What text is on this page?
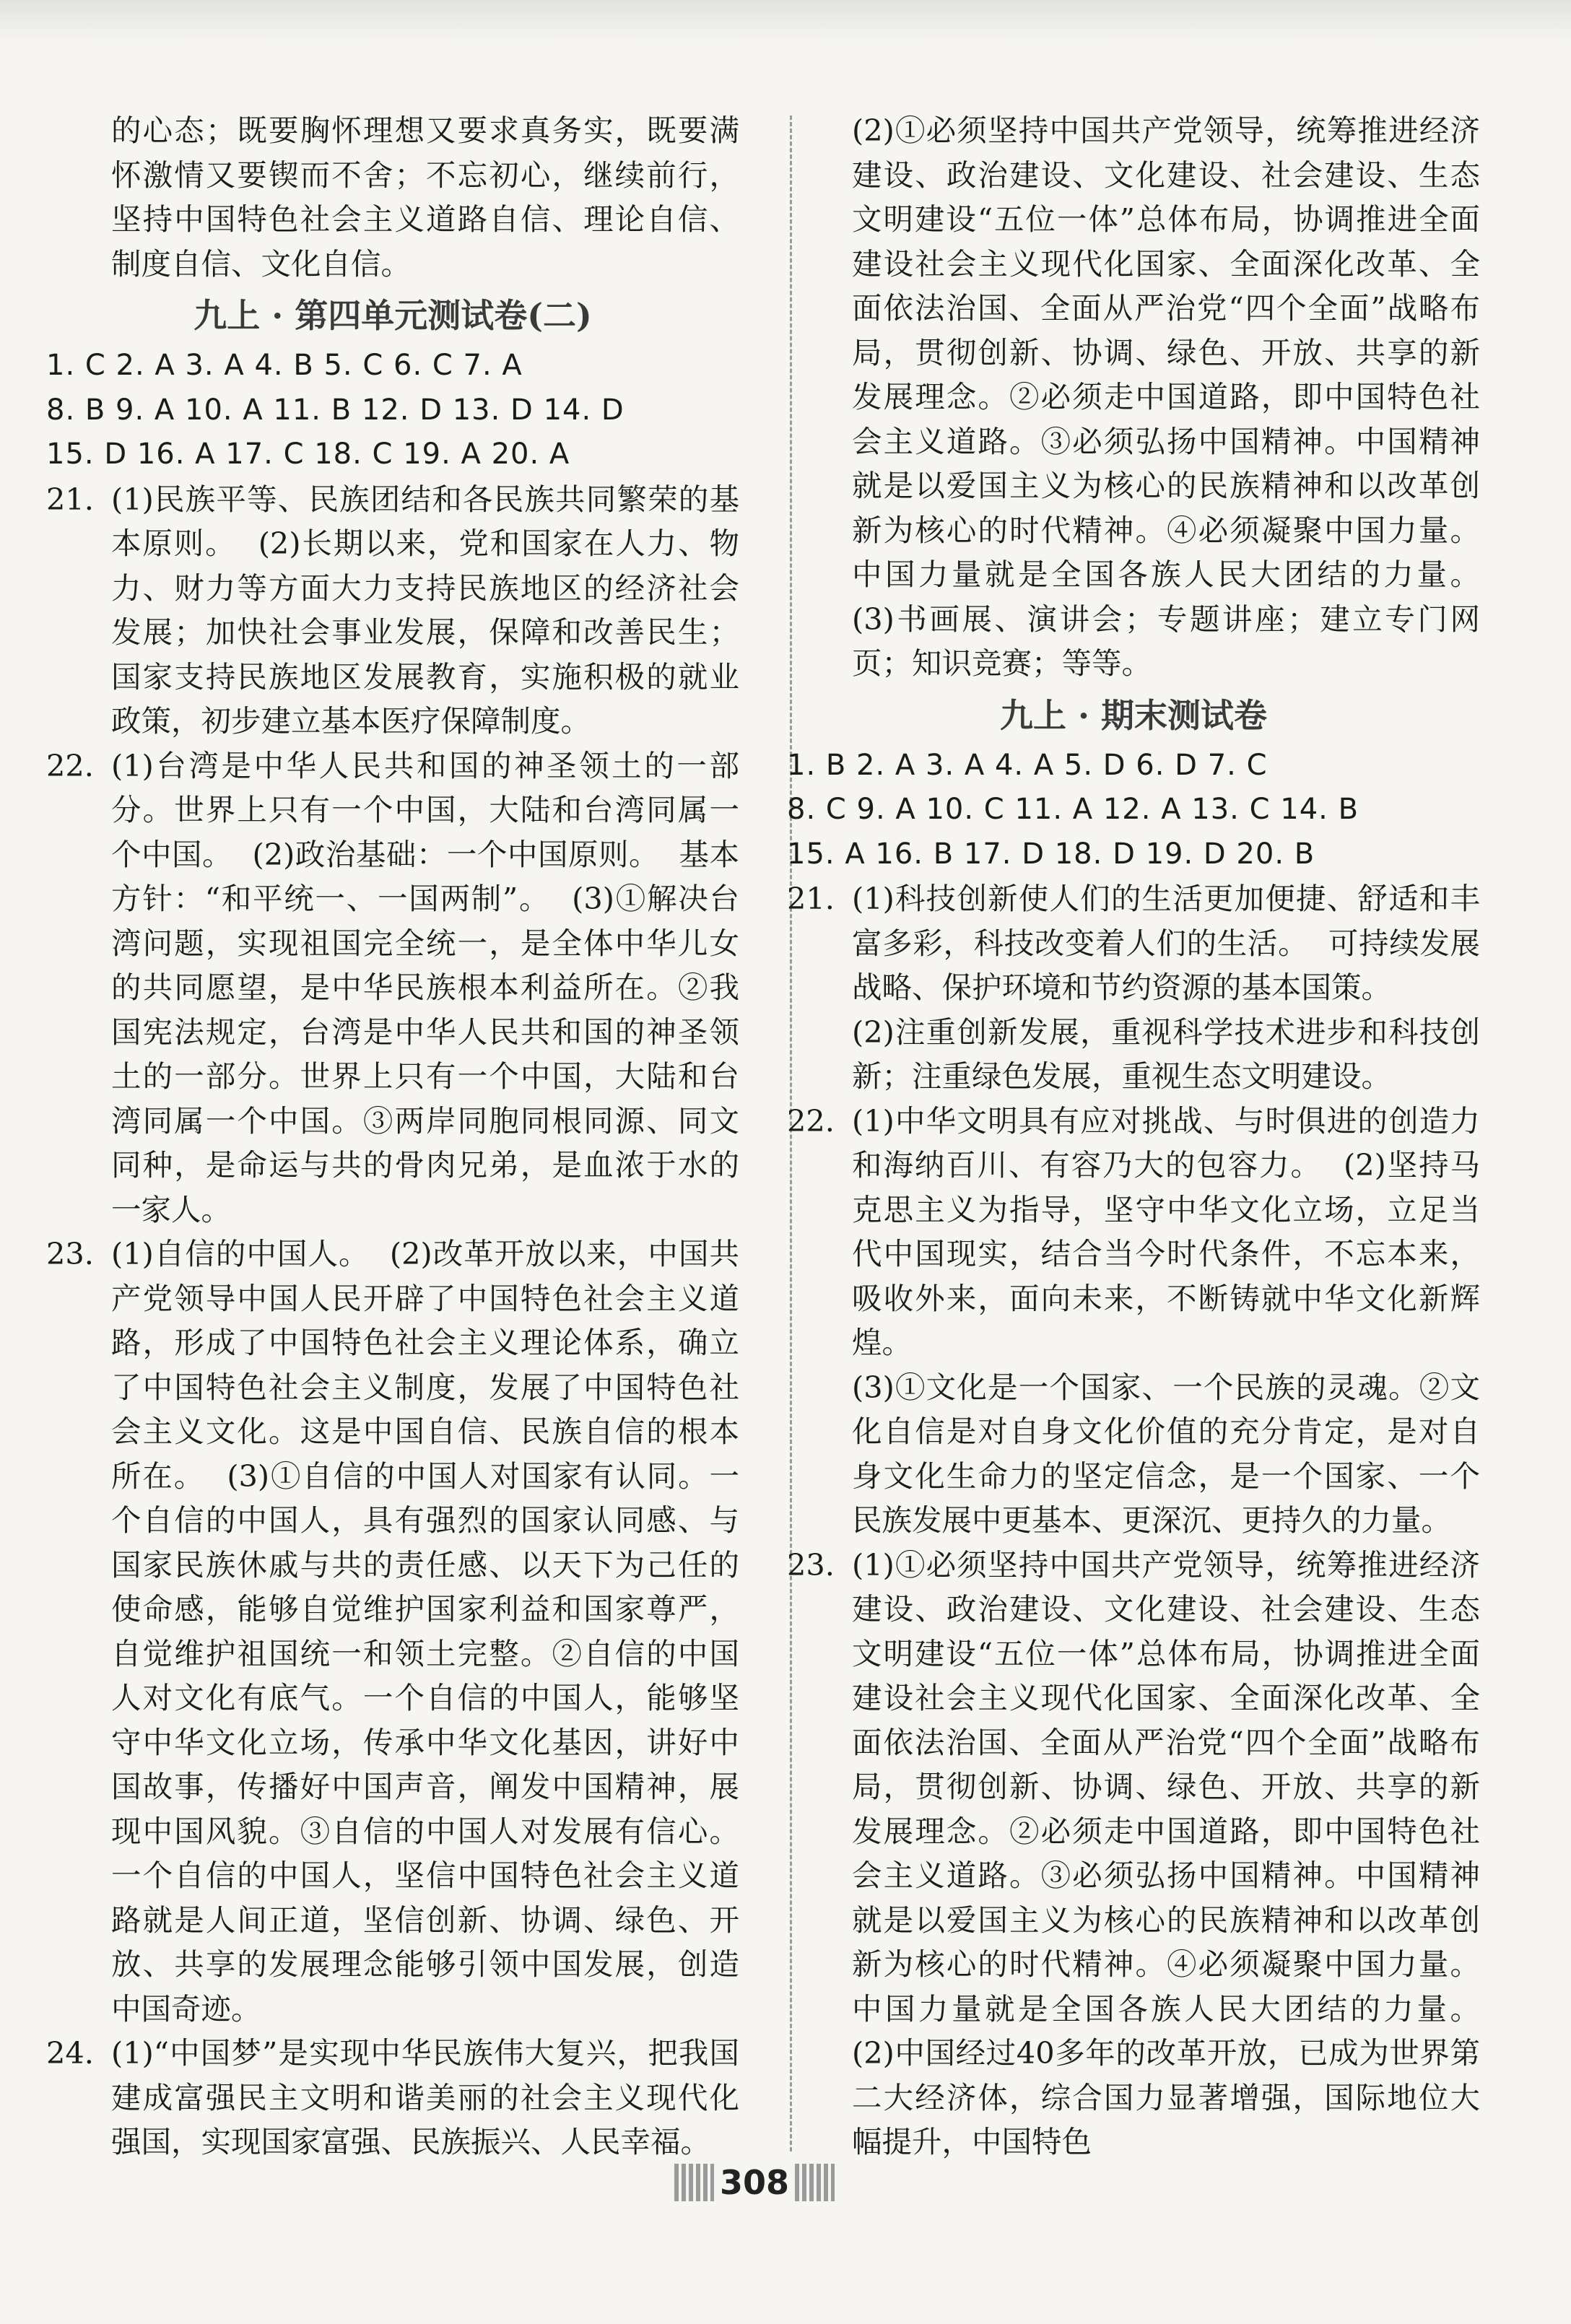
的心态；既要胸怀理想又要求真务实，既要满怀激情又要锲而不舍；不忘初心，继续前行，坚持中国特色社会主义道路自信、理论自信、制度自信、文化自信。

九上 · 第四单元测试卷(二)

1. C 2. A 3. A 4. B 5. C 6. C 7. A

8. B 9. A 10. A 11. B 12. D 13. D 14. D

15. D 16. A 17. C 18. C 19. A 20. A

21. (1)民族平等、民族团结和各民族共同繁荣的基本原则。  (2)长期以来，党和国家在人力、物力、财力等方面大力支持民族地区的经济社会发展；加快社会事业发展，保障和改善民生；国家支持民族地区发展教育，实施积极的就业政策，初步建立基本医疗保障制度。
22. (1)台湾是中华人民共和国的神圣领土的一部分。世界上只有一个中国，大陆和台湾同属一个中国。  (2)政治基础：一个中国原则。  基本方针：“和平统一、一国两制”。  (3)①解决台湾问题，实现祖国完全统一，是全体中华儿女的共同愿望，是中华民族根本利益所在。②我国宪法规定，台湾是中华人民共和国的神圣领土的一部分。世界上只有一个中国，大陆和台湾同属一个中国。③两岸同胞同根同源、同文同种，是命运与共的骨肉兄弟，是血浓于水的一家人。
23. (1)自信的中国人。  (2)改革开放以来，中国共产党领导中国人民开辟了中国特色社会主义道路，形成了中国特色社会主义理论体系，确立了中国特色社会主义制度，发展了中国特色社会主义文化。这是中国自信、民族自信的根本所在。  (3)①自信的中国人对国家有认同。一个自信的中国人，具有强烈的国家认同感、与国家民族休戚与共的责任感、以天下为己任的使命感，能够自觉维护国家利益和国家尊严，自觉维护祖国统一和领土完整。②自信的中国人对文化有底气。一个自信的中国人，能够坚守中华文化立场，传承中华文化基因，讲好中国故事，传播好中国声音，阐发中国精神，展现中国风貌。③自信的中国人对发展有信心。一个自信的中国人，坚信中国特色社会主义道路就是人间正道，坚信创新、协调、绿色、开放、共享的发展理念能够引领中国发展，创造中国奇迹。
24. (1)“中国梦”是实现中华民族伟大复兴，把我国建成富强民主文明和谐美丽的社会主义现代化强国，实现国家富强、民族振兴、人民幸福。

(2)①必须坚持中国共产党领导，统筹推进经济建设、政治建设、文化建设、社会建设、生态文明建设“五位一体”总体布局，协调推进全面建设社会主义现代化国家、全面深化改革、全面依法治国、全面从严治党“四个全面”战略布局，贯彻创新、协调、绿色、开放、共享的新发展理念。②必须走中国道路，即中国特色社会主义道路。③必须弘扬中国精神。中国精神就是以爱国主义为核心的民族精神和以改革创新为核心的时代精神。④必须凝聚中国力量。中国力量就是全国各族人民大团结的力量。  (3)书画展、演讲会；专题讲座；建立专门网页；知识竞赛；等等。

九上 · 期末测试卷

1. B 2. A 3. A 4. A 5. D 6. D 7. C

8. C 9. A 10. C 11. A 12. A 13. C 14. B

15. A 16. B 17. D 18. D 19. D 20. B

21. (1)科技创新使人们的生活更加便捷、舒适和丰富多彩，科技改变着人们的生活。  可持续发展战略、保护环境和节约资源的基本国策。
(2)注重创新发展，重视科学技术进步和科技创新；注重绿色发展，重视生态文明建设。
22. (1)中华文明具有应对挑战、与时俱进的创造力和海纳百川、有容乃大的包容力。  (2)坚持马克思主义为指导，坚守中华文化立场，立足当代中国现实，结合当今时代条件，不忘本来，吸收外来，面向未来，不断铸就中华文化新辉煌。
(3)①文化是一个国家、一个民族的灵魂。②文化自信是对自身文化价值的充分肯定，是对自身文化生命力的坚定信念，是一个国家、一个民族发展中更基本、更深沉、更持久的力量。
23. (1)①必须坚持中国共产党领导，统筹推进经济建设、政治建设、文化建设、社会建设、生态文明建设“五位一体”总体布局，协调推进全面建设社会主义现代化国家、全面深化改革、全面依法治国、全面从严治党“四个全面”战略布局，贯彻创新、协调、绿色、开放、共享的新发展理念。②必须走中国道路，即中国特色社会主义道路。③必须弘扬中国精神。中国精神就是以爱国主义为核心的民族精神和以改革创新为核心的时代精神。④必须凝聚中国力量。中国力量就是全国各族人民大团结的力量。  (2)中国经过40多年的改革开放，已成为世界第二大经济体，综合国力显著增强，国际地位大幅提升，中国特色
308
